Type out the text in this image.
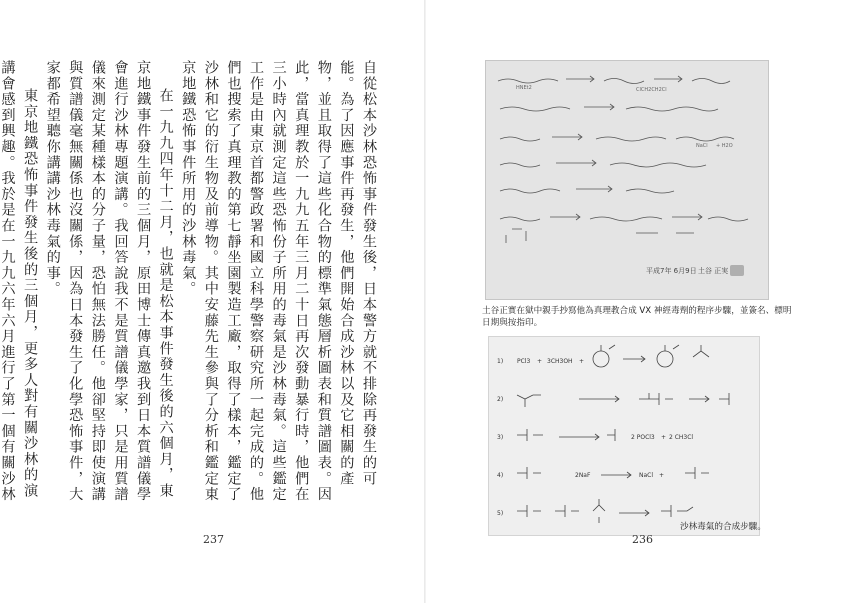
自從松本沙林恐怖事件發生後，日本警方就不排除再發生的可能。為了因應事件再發生，他們開始合成沙林以及它相關的產物，並且取得了這些化合物的標準氣態層析圖表和質譜圖表。因此，當真理教於一九九五年三月二十日再次發動暴行時，他們在三小時內就測定這些恐怖份子所用的毒氣是沙林毒氣。這些鑑定工作是由東京首都警政署和國立科學警察研究所一起完成的。他們也搜索了真理教的第七靜坐園製造工廠，取得了樣本，鑑定了沙林和它的衍生物及前導物。其中安藤先生參與了分析和鑑定東京地鐵恐怖事件所用的沙林毒氣。

在一九九四年十二月，也就是松本事件發生後的六個月，東京地鐵事件發生前的三個月，原田博士傳真邀我到日本質譜儀學會進行沙林專題演講。我回答說我不是質譜儀學家，只是用質譜儀來測定某種樣本的分子量，恐怕無法勝任。他卻堅持即使演講與質譜儀毫無關係也沒關係，因為日本發生了化學恐怖事件，大家都希望聽你講講沙林毒氣的事。

東京地鐵恐怖事件發生後的三個月，更多人對有關沙林的演講會感到興趣。我於是在一九九六年六月進行了第一個有關沙林

237
HNEt2	ClCH2CH2Cl
NaCl + H2O
平成7年 6月9日 土谷 正実
土谷正實在獄中親手抄寫他為真理教合成 VX 神經毒劑的程序步驟，並簽名、標明日期與按指印。
1)
2)
3)
4)
5)
PCl3 + 3CH3OH +
2 POCl3 + 2 CH3Cl
2NaF	NaCl +
沙林毒氣的合成步驟。
236
